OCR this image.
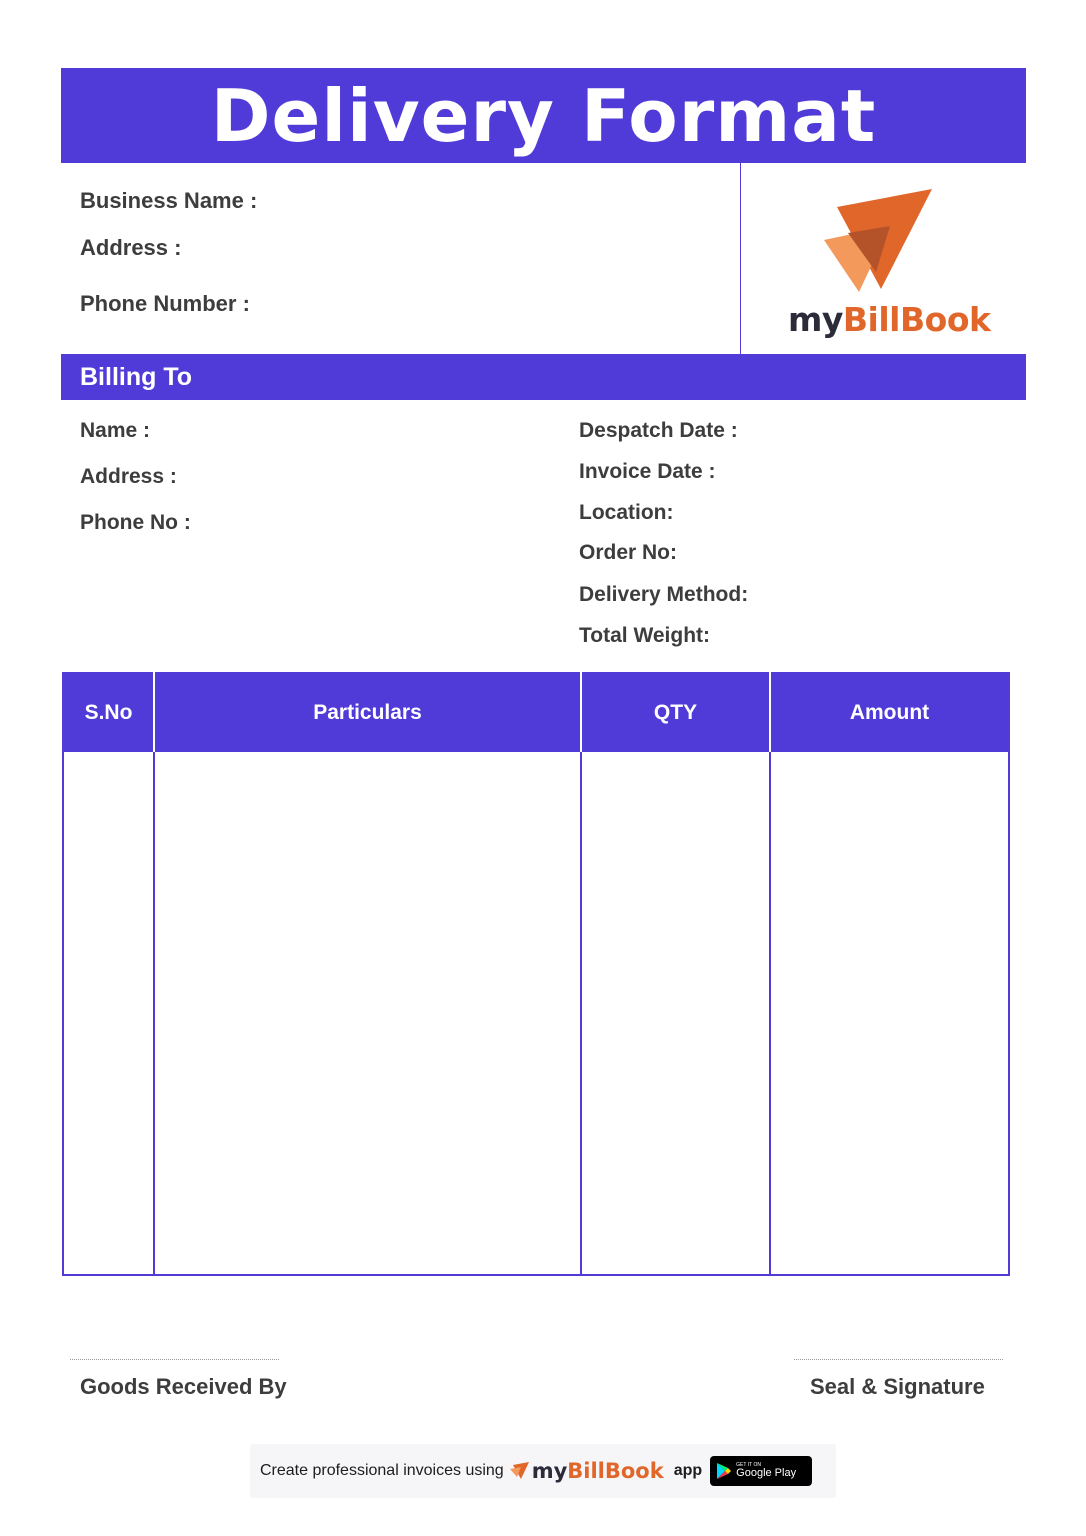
Delivery Format
Business Name :
Address :
Phone Number :	myBillBook
Billing To
Name :
Address :
Phone No :
Despatch Date :
Invoice Date :
Location:
Order No:
Delivery Method:
Total Weight:
S.No	Particulars	QTY	Amount

Goods Received By	Seal & Signature
Create professional invoices using myBillBook app	GET IT ON
Google Play
